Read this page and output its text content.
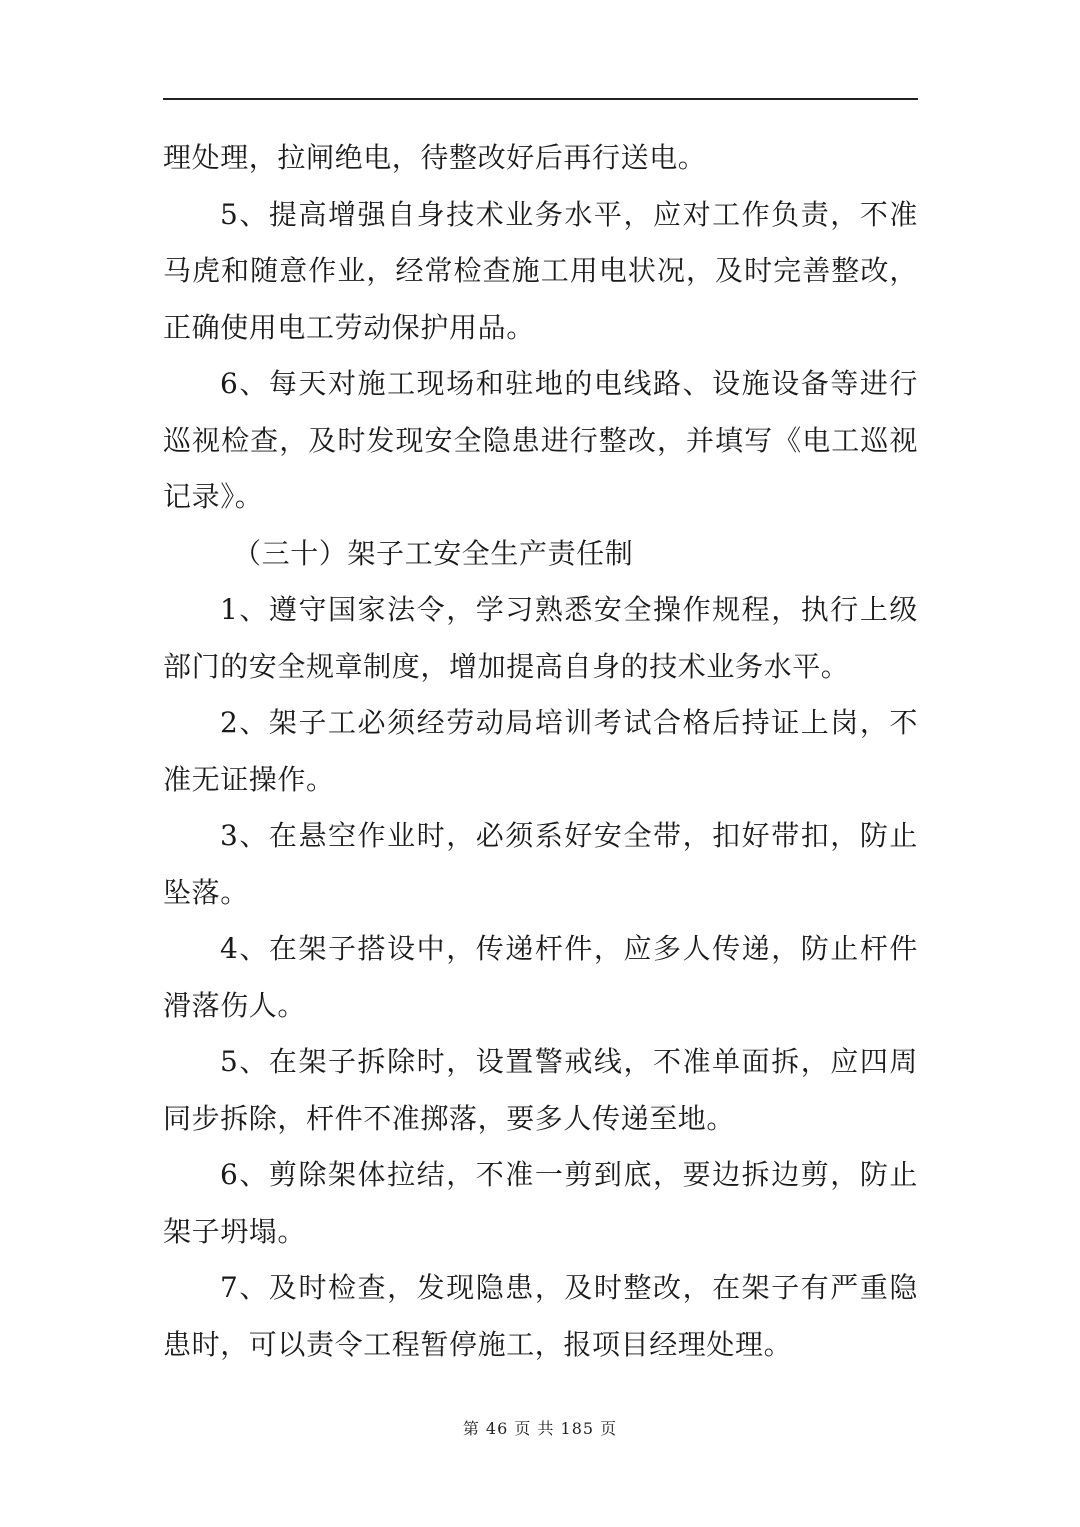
理处理，拉闸绝电，待整改好后再行送电。

5、提高增强自身技术业务水平，应对工作负责，不准马虎和随意作业，经常检查施工用电状况，及时完善整改，正确使用电工劳动保护用品。

6、每天对施工现场和驻地的电线路、设施设备等进行巡视检查，及时发现安全隐患进行整改，并填写《电工巡视记录》。

（三十）架子工安全生产责任制

1、遵守国家法令，学习熟悉安全操作规程，执行上级部门的安全规章制度，增加提高自身的技术业务水平。

2、架子工必须经劳动局培训考试合格后持证上岗，不准无证操作。

3、在悬空作业时，必须系好安全带，扣好带扣，防止坠落。

4、在架子搭设中，传递杆件，应多人传递，防止杆件滑落伤人。

5、在架子拆除时，设置警戒线，不准单面拆，应四周同步拆除，杆件不准掷落，要多人传递至地。

6、剪除架体拉结，不准一剪到底，要边拆边剪，防止架子坍塌。

7、及时检查，发现隐患，及时整改，在架子有严重隐患时，可以责令工程暂停施工，报项目经理处理。

第 46 页 共 185 页
